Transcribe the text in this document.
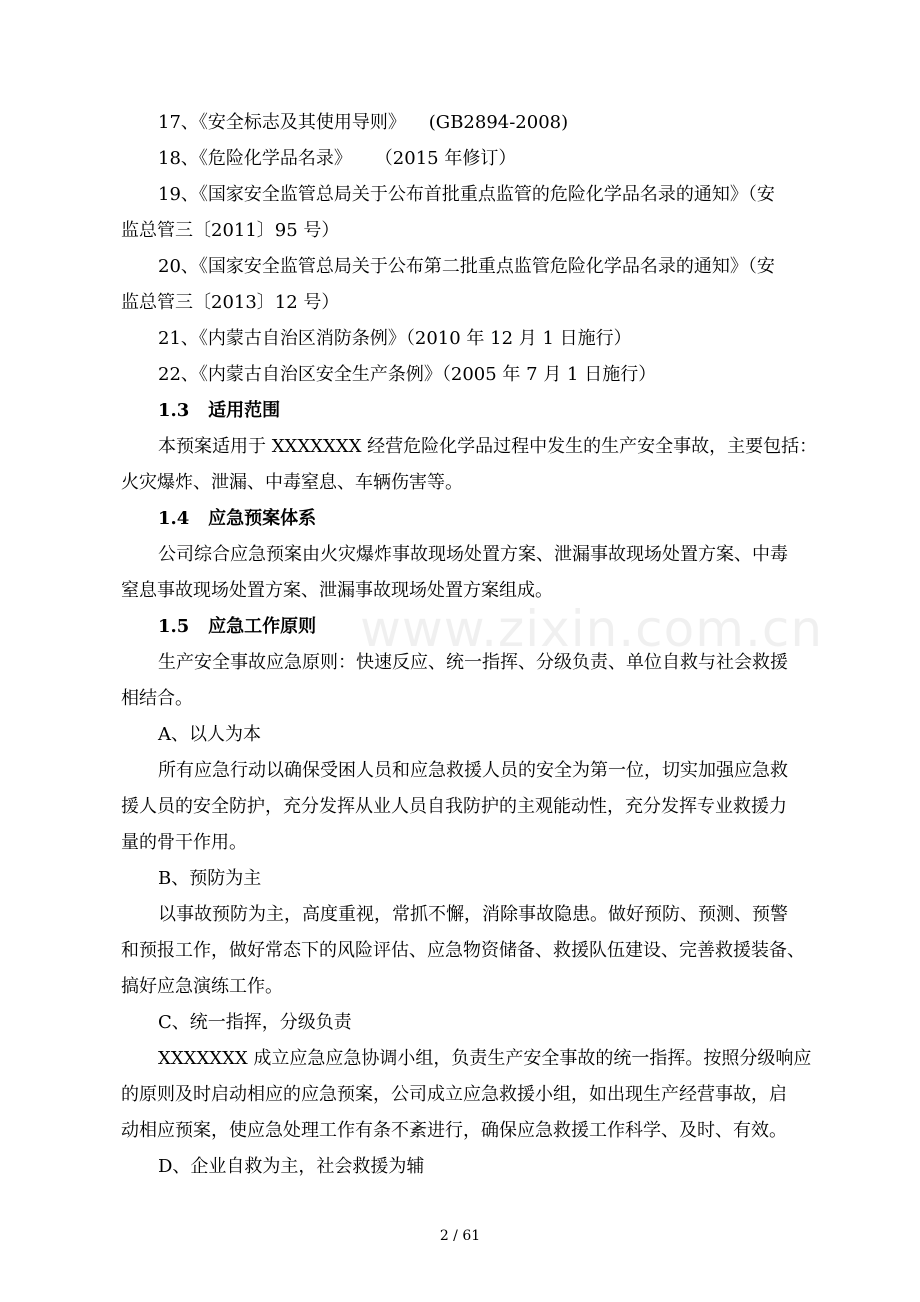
www.zixin.com.cn
17、《安全标志及其使用导则》    (GB2894-2008)
18、《危险化学品名录》    （2015 年修订）
19、《国家安全监管总局关于公布首批重点监管的危险化学品名录的通知》（安
监总管三〔2011〕95 号）
20、《国家安全监管总局关于公布第二批重点监管危险化学品名录的通知》（安
监总管三〔2013〕12 号）
21、《内蒙古自治区消防条例》（2010 年 12 月 1 日施行）
22、《内蒙古自治区安全生产条例》（2005 年 7 月 1 日施行）
1.3   适用范围
本预案适用于 XXXXXXX 经营危险化学品过程中发生的生产安全事故，主要包括：
火灾爆炸、泄漏、中毒窒息、车辆伤害等。
1.4   应急预案体系
公司综合应急预案由火灾爆炸事故现场处置方案、泄漏事故现场处置方案、中毒
窒息事故现场处置方案、泄漏事故现场处置方案组成。
1.5   应急工作原则
生产安全事故应急原则：快速反应、统一指挥、分级负责、单位自救与社会救援
相结合。
A、以人为本
所有应急行动以确保受困人员和应急救援人员的安全为第一位，切实加强应急救
援人员的安全防护，充分发挥从业人员自我防护的主观能动性，充分发挥专业救援力
量的骨干作用。
B、预防为主
以事故预防为主，高度重视，常抓不懈，消除事故隐患。做好预防、预测、预警
和预报工作，做好常态下的风险评估、应急物资储备、救援队伍建设、完善救援装备、
搞好应急演练工作。
C、统一指挥，分级负责
XXXXXXX 成立应急应急协调小组，负责生产安全事故的统一指挥。按照分级响应
的原则及时启动相应的应急预案，公司成立应急救援小组，如出现生产经营事故，启
动相应预案，使应急处理工作有条不紊进行，确保应急救援工作科学、及时、有效。
D、企业自救为主，社会救援为辅
2 / 61
